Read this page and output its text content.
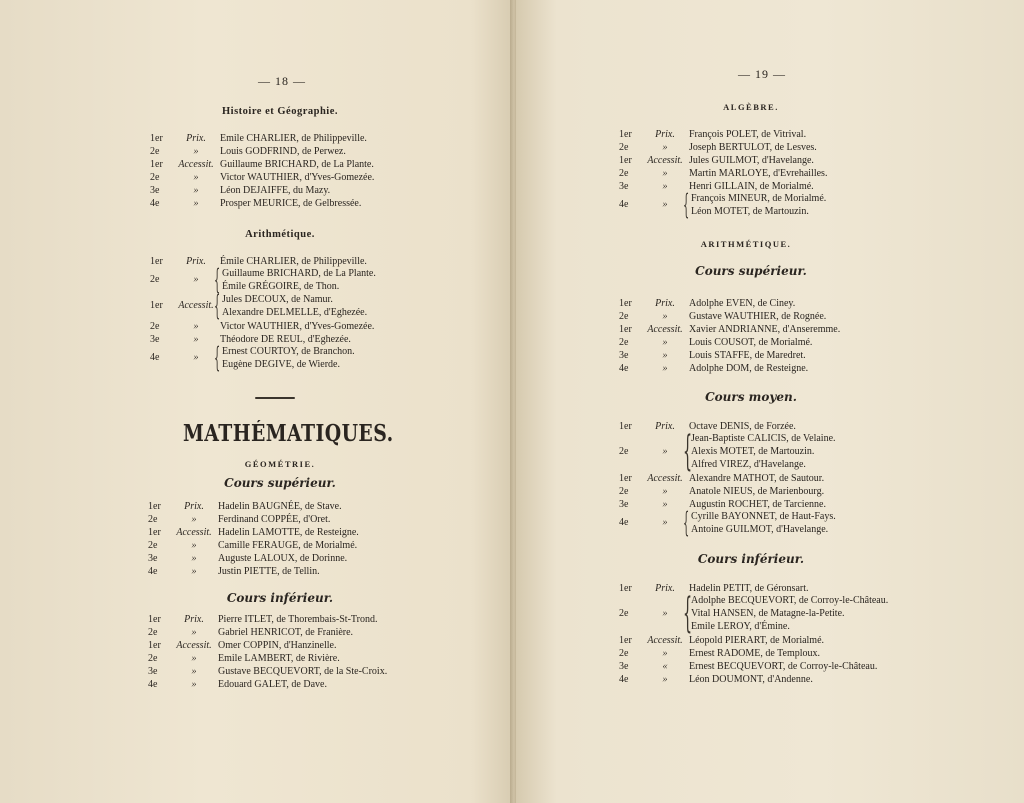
— 18 —
Histoire et Géographie.
1er	Prix.	Emile CHARLIER, de Philippeville.
2e	»	Louis GODFRIND, de Perwez.
1er	Accessit. Guillaume BRICHARD, de La Plante.
2e	»	Victor WAUTHIER, d'Yves-Gomezée.
3e	»	Léon DEJAIFFE, du Mazy.
4e	»	Prosper MEURICE, de Gelbressée.
Arithmétique.
1er	Prix.	Émile CHARLIER, de Philippeville.
2e	» { Guillaume BRICHARD, de La Plante.
Émile GRÉGOIRE, de Thon.
1er	Accessit. { Jules DECOUX, de Namur.
Alexandre DELMELLE, d'Eghezée.
2e	»	Victor WAUTHIER, d'Yves-Gomezée.
3e	»	Théodore DE REUL, d'Eghezée.
4e	» { Ernest COURTOY, de Branchon.
Eugène DEGIVE, de Wierde.
MATHÉMATIQUES.
GÉOMÉTRIE.
Cours supérieur.
1er	Prix.	Hadelin BAUGNÉE, de Stave.
2e	»	Ferdinand COPPÉE, d'Oret.
1er	Accessit. Hadelin LAMOTTE, de Resteigne.
2e	»	Camille FERAUGE, de Morialmé.
3e	»	Auguste LALOUX, de Dorinne.
4e	»	Justin PIETTE, de Tellin.
Cours inférieur.
1er	Prix.	Pierre ITLET, de Thorembais-St-Trond.
2e	»	Gabriel HENRICOT, de Franière.
1er	Accessit. Omer COPPIN, d'Hanzinelle.
2e	»	Emile LAMBERT, de Rivière.
3e	»	Gustave BECQUEVORT, de la Ste-Croix.
4e	»	Edouard GALET, de Dave.
— 19 —
ALGÈBRE.
1er	Prix.	François POLET, de Vitrival.
2e	»	Joseph BERTULOT, de Lesves.
1er	Accessit. Jules GUILMOT, d'Havelange.
2e	»	Martin MARLOYE, d'Evrehailles.
3e	»	Henri GILLAIN, de Morialmé.
4e	» { François MINEUR, de Morialmé.
Léon MOTET, de Martouzin.
ARITHMÉTIQUE.
Cours supérieur.
1er	Prix.	Adolphe EVEN, de Ciney.
2e	»	Gustave WAUTHIER, de Rognée.
1er	Accessit. Xavier ANDRIANNE, d'Anseremme.
2e	»	Louis COUSOT, de Morialmé.
3e	»	Louis STAFFE, de Maredret.
4e	»	Adolphe DOM, de Resteigne.
Cours moyen.
1er	Prix.	Octave DENIS, de Forzée.
2e	» {
Jean-Baptiste CALICIS, de Velaine.
Alexis MOTET, de Martouzin.
Alfred VIREZ, d'Havelange.
1er	Accessit. Alexandre MATHOT, de Sautour.
2e	»	Anatole NIEUS, de Marienbourg.
3e	»	Augustin ROCHET, de Tarcienne.
4e	» { Cyrille BAYONNET, de Haut-Fays.
Antoine GUILMOT, d'Havelange.
Cours inférieur.
1er	Prix.	Hadelin PETIT, de Géronsart.
2e	» {
Adolphe BECQUEVORT, de Corroy-le-Château.
Vital HANSEN, de Matagne-la-Petite.
Emile LEROY, d'Émine.
1er	Accessit. Léopold PIERART, de Morialmé.
2e	»	Ernest RADOME, de Temploux.
3e	«	Ernest BECQUEVORT, de Corroy-le-Château.
4e	»	Léon DOUMONT, d'Andenne.
